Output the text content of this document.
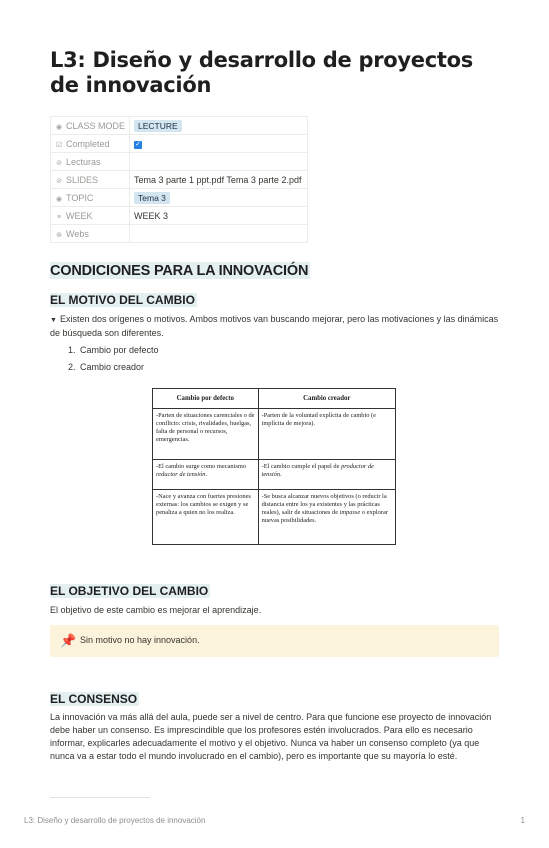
L3: Diseño y desarrollo de proyectos de innovación
◉ CLASS MODE	LECTURE
☑ Completed	✓
⊘ Lecturas	
⊘ SLIDES	Tema 3 parte 1 ppt.pdf Tema 3 parte 2.pdf
◉ TOPIC	Tema 3
≡ WEEK	WEEK 3
⊛ Webs	
CONDICIONES PARA LA INNOVACIÓN
EL MOTIVO DEL CAMBIO

▼ Existen dos orígenes o motivos. Ambos motivos van buscando mejorar, pero las motivaciones y las dinámicas de búsqueda son diferentes.

1. Cambio por defecto
2. Cambio creador
Cambio por defecto	Cambio creador
-Parten de situaciones carenciales o de conflicto: crisis, rivalidades, huelgas, falta de personal o recursos, emergencias.	-Parten de la voluntad explícita de cambio (e implícita de mejora).
-El cambio surge como mecanismo reductor de tensión.	-El cambio cumple el papel de productor de tensión.
-Nace y avanza con fuertes presiones externas: los cambios se exigen y se penaliza a quien no los realiza.	-Se busca alcanzar nuevos objetivos (o reducir la distancia entre los ya existentes y las prácticas reales), salir de situaciones de impasse o explorar nuevas posibilidades.
EL OBJETIVO DEL CAMBIO

El objetivo de este cambio es mejorar el aprendizaje.

📌 Sin motivo no hay innovación.
EL CONSENSO

La innovación va más allá del aula, puede ser a nivel de centro. Para que funcione ese proyecto de innovación debe haber un consenso. Es imprescindible que los profesores estén involucrados. Para ello es necesario informar, explicarles adecuadamente el motivo y el objetivo. Nunca va haber un consenso completo (ya que nunca va a estar todo el mundo involucrado en el cambio), pero es importante que su mayoría lo esté.

L3: Diseño y desarrollo de proyectos de innovación	1
